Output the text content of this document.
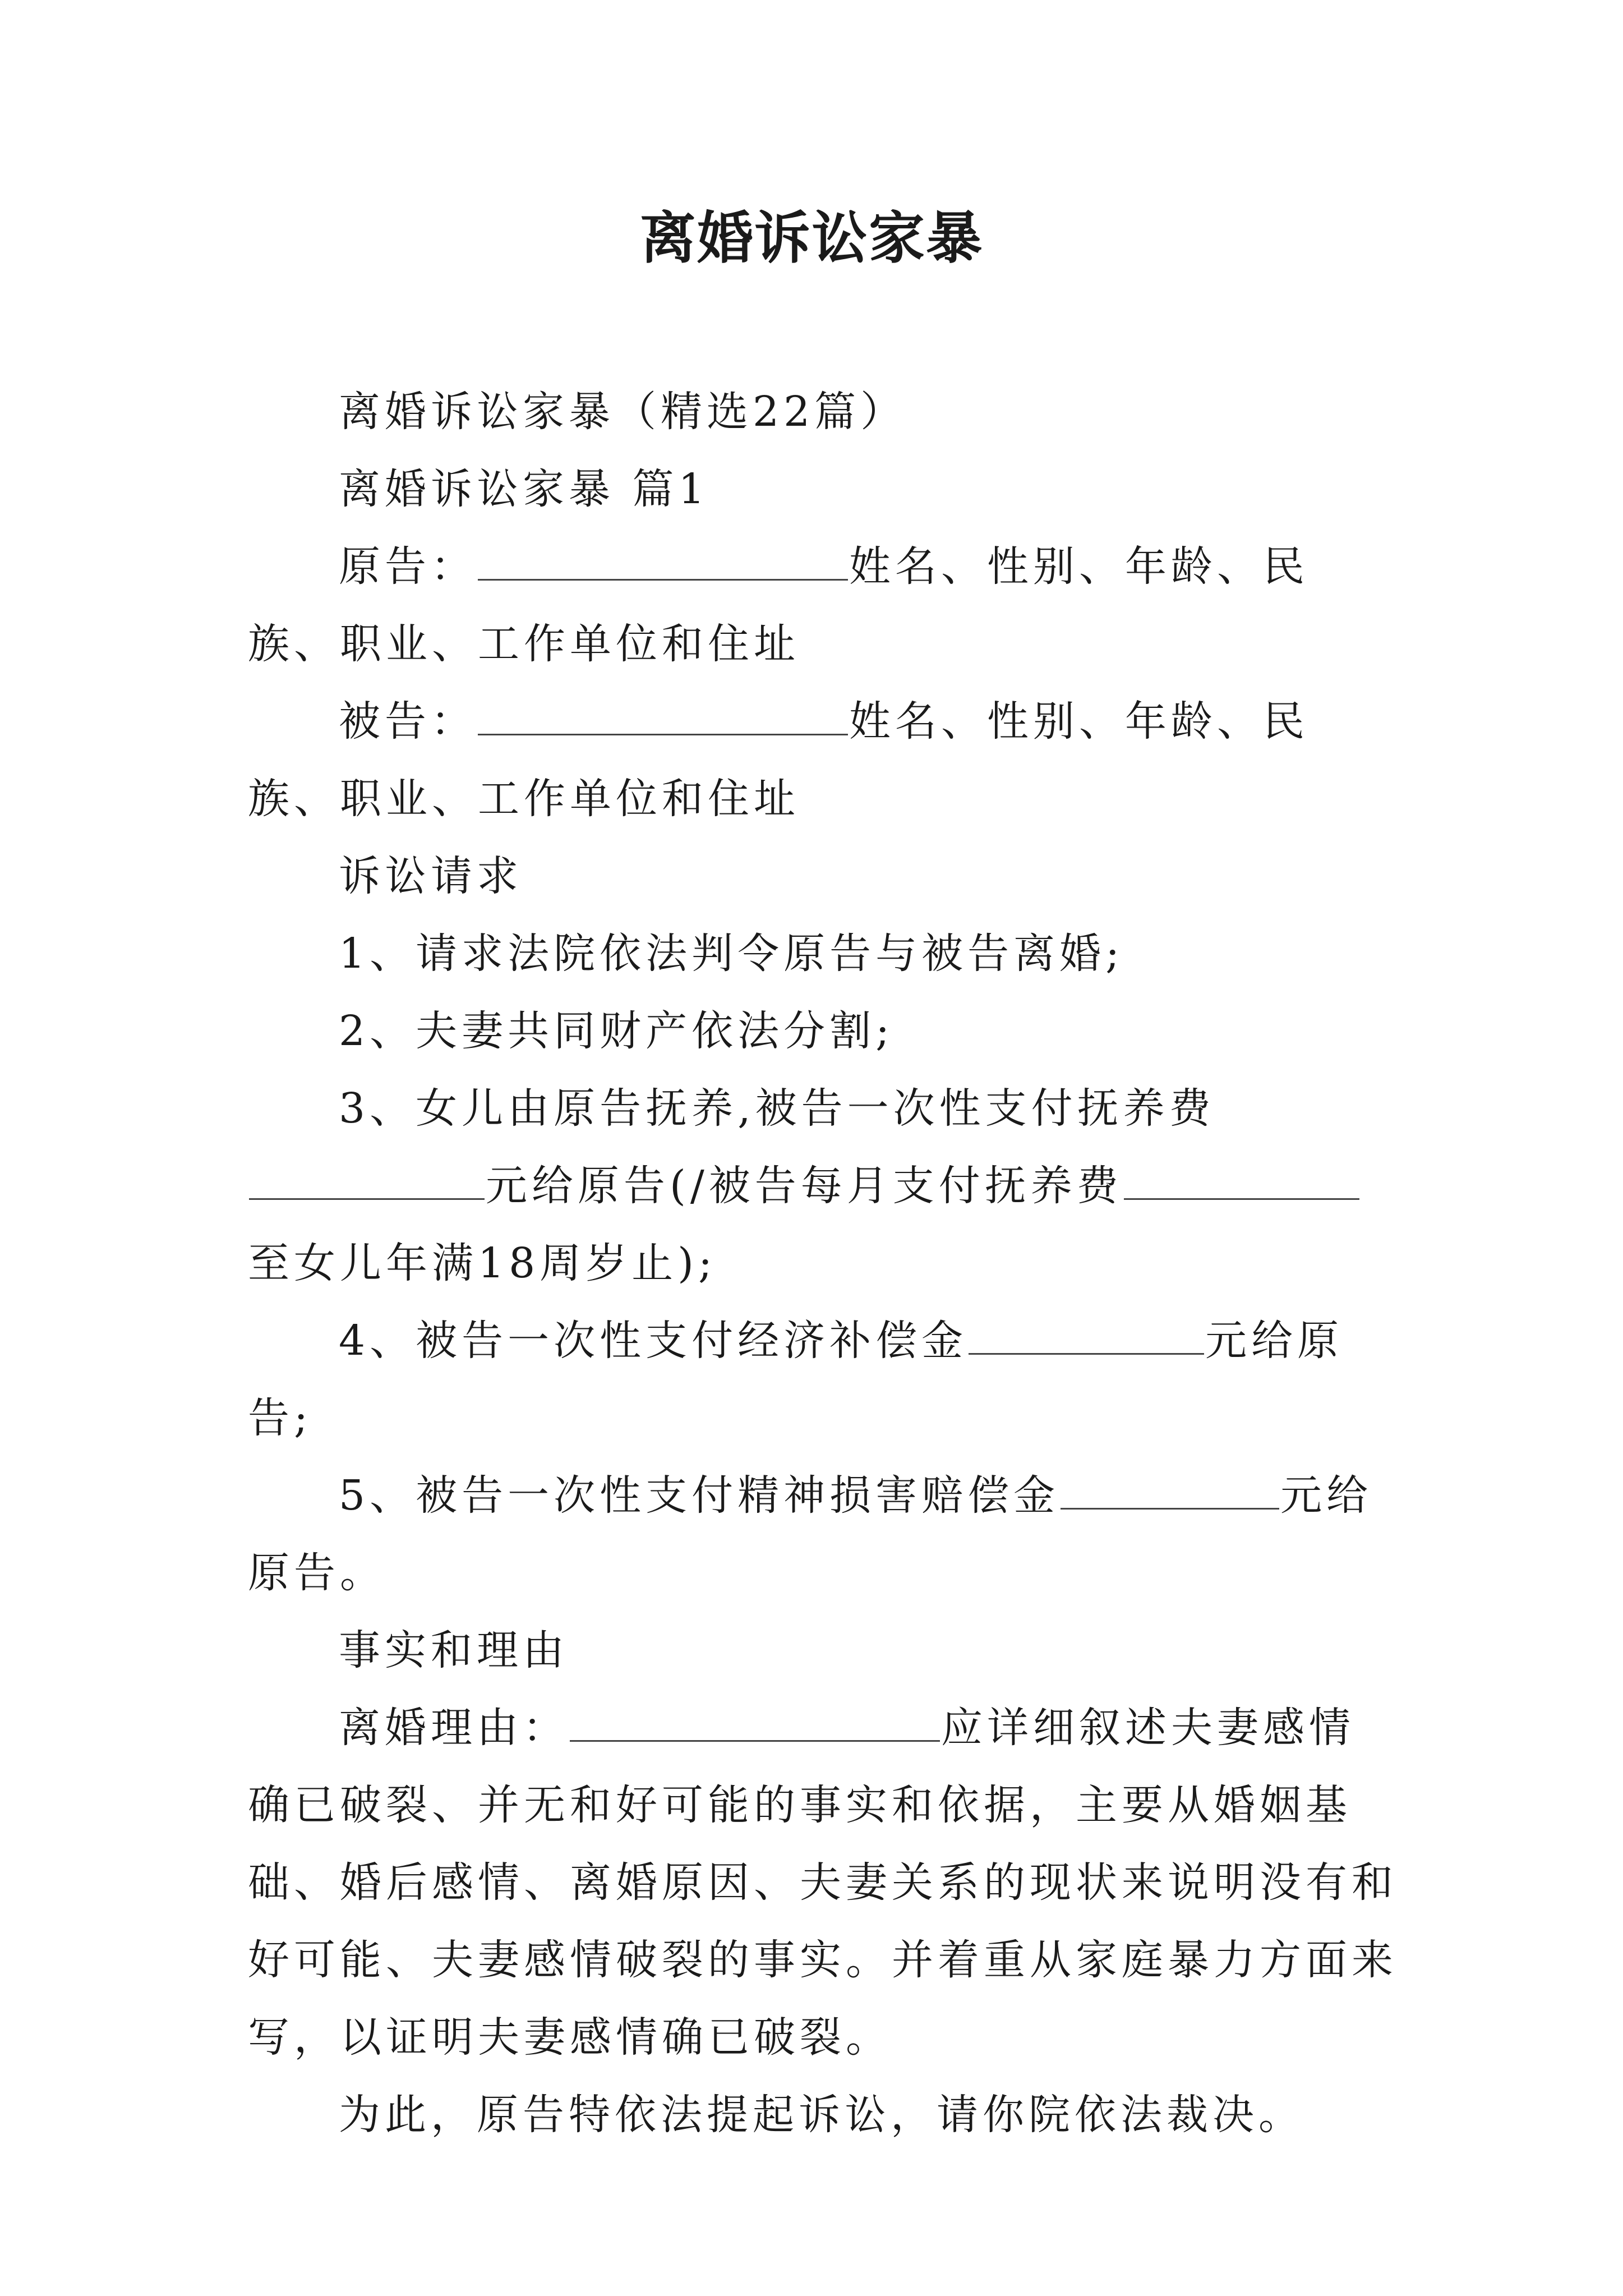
离婚诉讼家暴

离婚诉讼家暴（精选22篇）

离婚诉讼家暴 篇1

原告：	姓名、性别、年龄、民族、职业、工作单位和住址

被告：	姓名、性别、年龄、民族、职业、工作单位和住址

诉讼请求

1、请求法院依法判令原告与被告离婚;

2、夫妻共同财产依法分割;

3、女儿由原告抚养,被告一次性支付抚养费元给原告(/被告每月支付抚养费至女儿年满18周岁止);

4、被告一次性支付经济补偿金	元给原告;

5、被告一次性支付精神损害赔偿金	元给原告。

事实和理由

离婚理由：	应详细叙述夫妻感情确已破裂、并无和好可能的事实和依据，主要从婚姻基础、婚后感情、离婚原因、夫妻关系的现状来说明没有和好可能、夫妻感情破裂的事实。并着重从家庭暴力方面来写，以证明夫妻感情确已破裂。

为此，原告特依法提起诉讼，请你院依法裁决。
